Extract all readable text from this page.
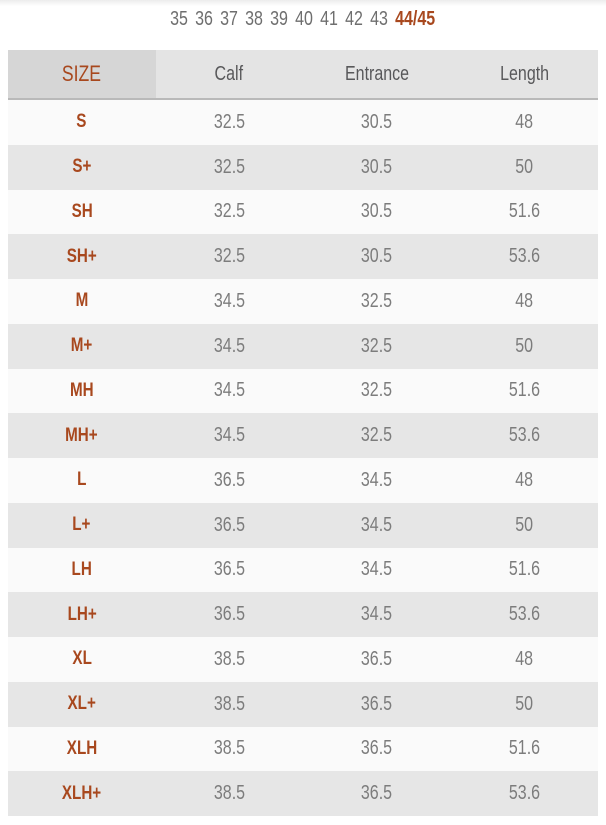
35 36 37 38 39 40 41 42 43 44/45
SIZE	Calf	Entrance	Length
S	32.5	30.5	48
S+	32.5	30.5	50
SH	32.5	30.5	51.6
SH+	32.5	30.5	53.6
M	34.5	32.5	48
M+	34.5	32.5	50
MH	34.5	32.5	51.6
MH+	34.5	32.5	53.6
L	36.5	34.5	48
L+	36.5	34.5	50
LH	36.5	34.5	51.6
LH+	36.5	34.5	53.6
XL	38.5	36.5	48
XL+	38.5	36.5	50
XLH	38.5	36.5	51.6
XLH+	38.5	36.5	53.6
